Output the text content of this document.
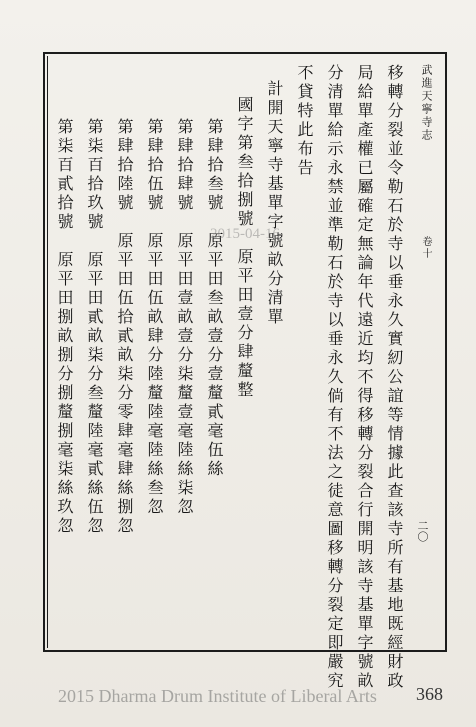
武進天寧寺志
卷十
二〇
移轉分裂並令勒石於寺以垂永久實紉公誼等情據此查該寺所有基地既經財政
局給單產權已屬確定無論年代遠近均不得移轉分裂合行開明該寺基單字號畝
分清單給示永禁並準勒石於寺以垂永久倘有不法之徒意圖移轉分裂定即嚴究
不貸特此布告
計開天寧寺基單字號畝分清單
國字第叁拾捌號　原平田壹分肆釐整
第肆拾叁號　原平田叁畝壹分壹釐貳毫伍絲
第肆拾肆號　原平田壹畝壹分柒釐壹毫陸絲柒忽
第肆拾伍號　原平田伍畝肆分陸釐陸毫陸絲叁忽
第肆拾陸號　原平田伍拾貳畝柒分零肆毫肆絲捌忽
第柒百拾玖號　原平田貳畝柒分叁釐陸毫貳絲伍忽
第柒百貳拾號　原平田捌畝捌分捌釐捌毫柒絲玖忽	2015-04-16
2015 Dharma Drum Institute of Liberal Arts 368
